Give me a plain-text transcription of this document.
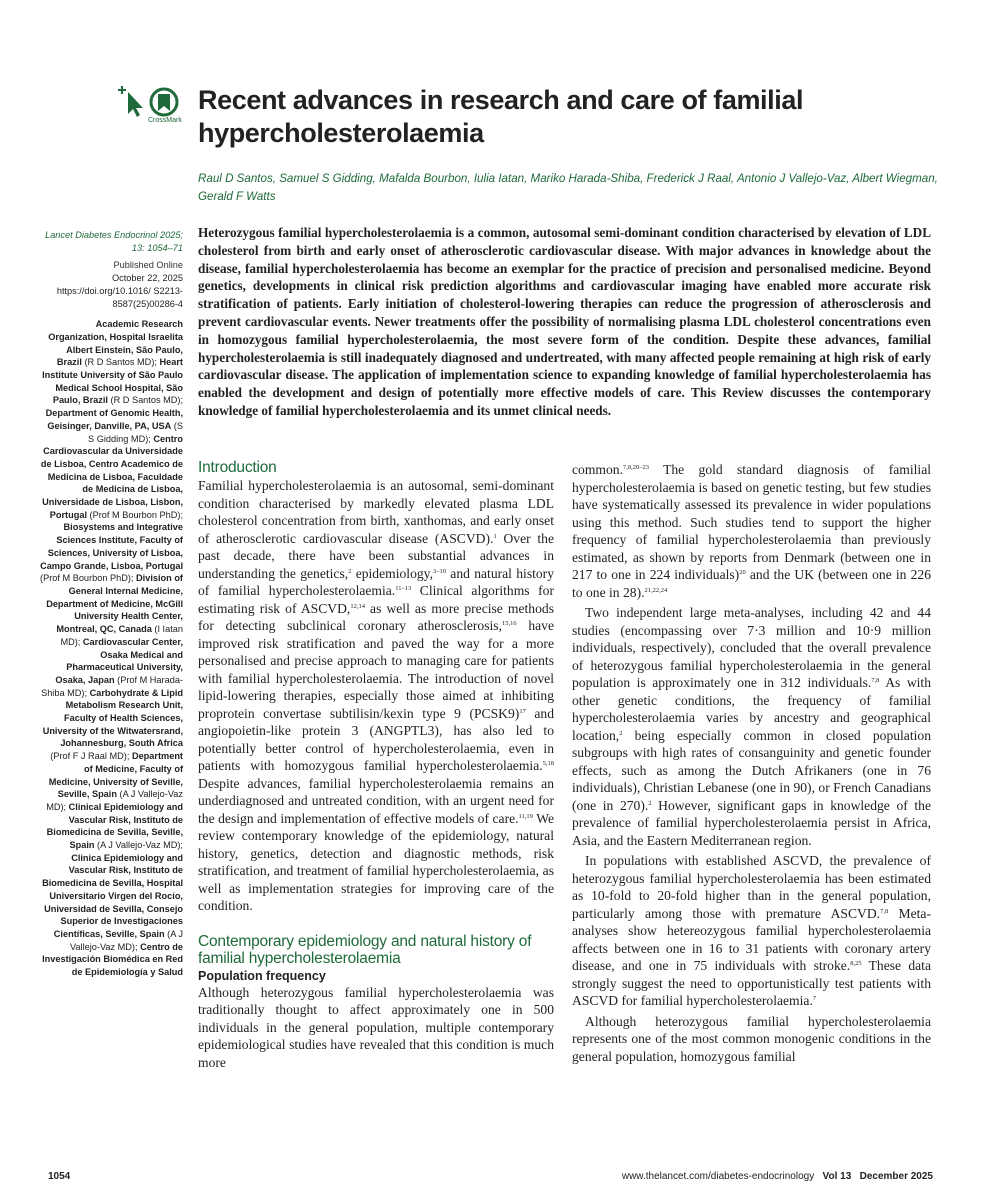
CrossMark
Recent advances in research and care of familial hypercholesterolaemia
Raul D Santos, Samuel S Gidding, Mafalda Bourbon, Iulia Iatan, Mariko Harada-Shiba, Frederick J Raal, Antonio J Vallejo-Vaz, Albert Wiegman, Gerald F Watts
Lancet Diabetes Endocrinol 2025; 13: 1054–71
Published Online
October 22, 2025
https://doi.org/10.1016/ S2213-8587(25)00286-4
Academic Research Organization, Hospital Israelita Albert Einstein, São Paulo, Brazil (R D Santos MD); Heart Institute University of São Paulo Medical School Hospital, São Paulo, Brazil (R D Santos MD); Department of Genomic Health, Geisinger, Danville, PA, USA (S S Gidding MD); Centro Cardiovascular da Universidade de Lisboa, Centro Academico de Medicina de Lisboa, Faculdade de Medicina de Lisboa, Universidade de Lisboa, Lisbon, Portugal (Prof M Bourbon PhD); Biosystems and Integrative Sciences Institute, Faculty of Sciences, University of Lisboa, Campo Grande, Lisboa, Portugal (Prof M Bourbon PhD); Division of General Internal Medicine, Department of Medicine, McGill University Health Center, Montreal, QC, Canada (I Iatan MD); Cardiovascular Center, Osaka Medical and Pharmaceutical University, Osaka, Japan (Prof M Harada-Shiba MD); Carbohydrate & Lipid Metabolism Research Unit, Faculty of Health Sciences, University of the Witwatersrand, Johannesburg, South Africa (Prof F J Raal MD); Department of Medicine, Faculty of Medicine, University of Seville, Seville, Spain (A J Vallejo-Vaz MD); Clinical Epidemiology and Vascular Risk, Instituto de Biomedicina de Sevilla, Seville, Spain (A J Vallejo-Vaz MD); Clinica Epidemiology and Vascular Risk, Instituto de Biomedicina de Sevilla, Hospital Universitario Virgen del Rocío, Universidad de Sevilla, Consejo Superior de Investigaciones Científicas, Seville, Spain (A J Vallejo-Vaz MD); Centro de Investigación Biomédica en Red de Epidemiología y Salud
Heterozygous familial hypercholesterolaemia is a common, autosomal semi-dominant condition characterised by elevation of LDL cholesterol from birth and early onset of atherosclerotic cardiovascular disease. With major advances in knowledge about the disease, familial hypercholesterolaemia has become an exemplar for the practice of precision and personalised medicine. Beyond genetics, developments in clinical risk prediction algorithms and cardiovascular imaging have enabled more accurate risk stratification of patients. Early initiation of cholesterol-lowering therapies can reduce the progression of atherosclerosis and prevent cardiovascular events. Newer treatments offer the possibility of normalising plasma LDL cholesterol concentrations even in homozygous familial hypercholesterolaemia, the most severe form of the condition. Despite these advances, familial hypercholesterolaemia is still inadequately diagnosed and undertreated, with many affected people remaining at high risk of early cardiovascular disease. The application of implementation science to expanding knowledge of familial hypercholesterolaemia has enabled the development and design of potentially more effective models of care. This Review discusses the contemporary knowledge of familial hypercholesterolaemia and its unmet clinical needs.
Introduction

Familial hypercholesterolaemia is an autosomal, semi-dominant condition characterised by markedly elevated plasma LDL cholesterol concentration from birth, xanthomas, and early onset of atherosclerotic cardiovascular disease (ASCVD).$^1$ Over the past decade, there have been substantial advances in understanding the genetics,$^2$ epidemiology,$^{3-10}$ and natural history of familial hypercholesterolaemia.$^{11-13}$ Clinical algorithms for estimating risk of ASCVD,$^{12,14}$ as well as more precise methods for detecting subclinical coronary atherosclerosis,$^{15,16}$ have improved risk stratification and paved the way for a more personalised and precise approach to managing care for patients with familial hypercholesterolaemia. The introduction of novel lipid-lowering therapies, especially those aimed at inhibiting proprotein convertase subtilisin/kexin type 9 (PCSK9)$^{17}$ and angiopoietin-like protein 3 (ANGPTL3), has also led to potentially better control of hypercholesterolaemia, even in patients with homozygous familial hypercholesterolaemia.$^{5,18}$ Despite advances, familial hypercholesterolaemia remains an underdiagnosed and untreated condition, with an urgent need for the design and implementation of effective models of care.$^{11,19}$ We review contemporary knowledge of the epidemiology, natural history, genetics, detection and diagnostic methods, risk stratification, and treatment of familial hypercholesterolaemia, as well as implementation strategies for improving care of the condition.

Contemporary epidemiology and natural history of familial hypercholesterolaemia
Population frequency

Although heterozygous familial hypercholesterolaemia was traditionally thought to affect approximately one in 500 individuals in the general population, multiple contemporary epidemiological studies have revealed that this condition is much more

common.$^{7,8,20-23}$ The gold standard diagnosis of familial hypercholesterolaemia is based on genetic testing, but few studies have systematically assessed its prevalence in wider populations using this method. Such studies tend to support the higher frequency of familial hypercholesterolaemia than previously estimated, as shown by reports from Denmark (between one in 217 to one in 224 individuals)$^{20}$ and the UK (between one in 226 to one in 28).$^{21,22,24}$

Two independent large meta-analyses, including 42 and 44 studies (encompassing over 7·3 million and 10·9 million individuals, respectively), concluded that the overall prevalence of heterozygous familial hypercholesterolaemia in the general population is approximately one in 312 individuals.$^{7,8}$ As with other genetic conditions, the frequency of familial hypercholesterolaemia varies by ancestry and geographical location,$^2$ being especially common in closed population subgroups with high rates of consanguinity and genetic founder effects, such as among the Dutch Afrikaners (one in 76 individuals), Christian Lebanese (one in 90), or French Canadians (one in 270).$^2$ However, significant gaps in knowledge of the prevalence of familial hypercholesterolaemia persist in Africa, Asia, and the Eastern Mediterranean region.

In populations with established ASCVD, the prevalence of heterozygous familial hypercholesterolaemia has been estimated as 10-fold to 20-fold higher than in the general population, particularly among those with premature ASCVD.$^{7,8}$ Meta-analyses show hetereozygous familial hypercholesterolaemia affects between one in 16 to 31 patients with coronary artery disease, and one in 75 individuals with stroke.$^{8,25}$ These data strongly suggest the need to opportunistically test patients with ASCVD for familial hypercholesterolaemia.$^7$

Although heterozygous familial hypercholesterolaemia represents one of the most common monogenic conditions in the general population, homozygous familial

1054	www.thelancet.com/diabetes-endocrinology Vol 13 December 2025
